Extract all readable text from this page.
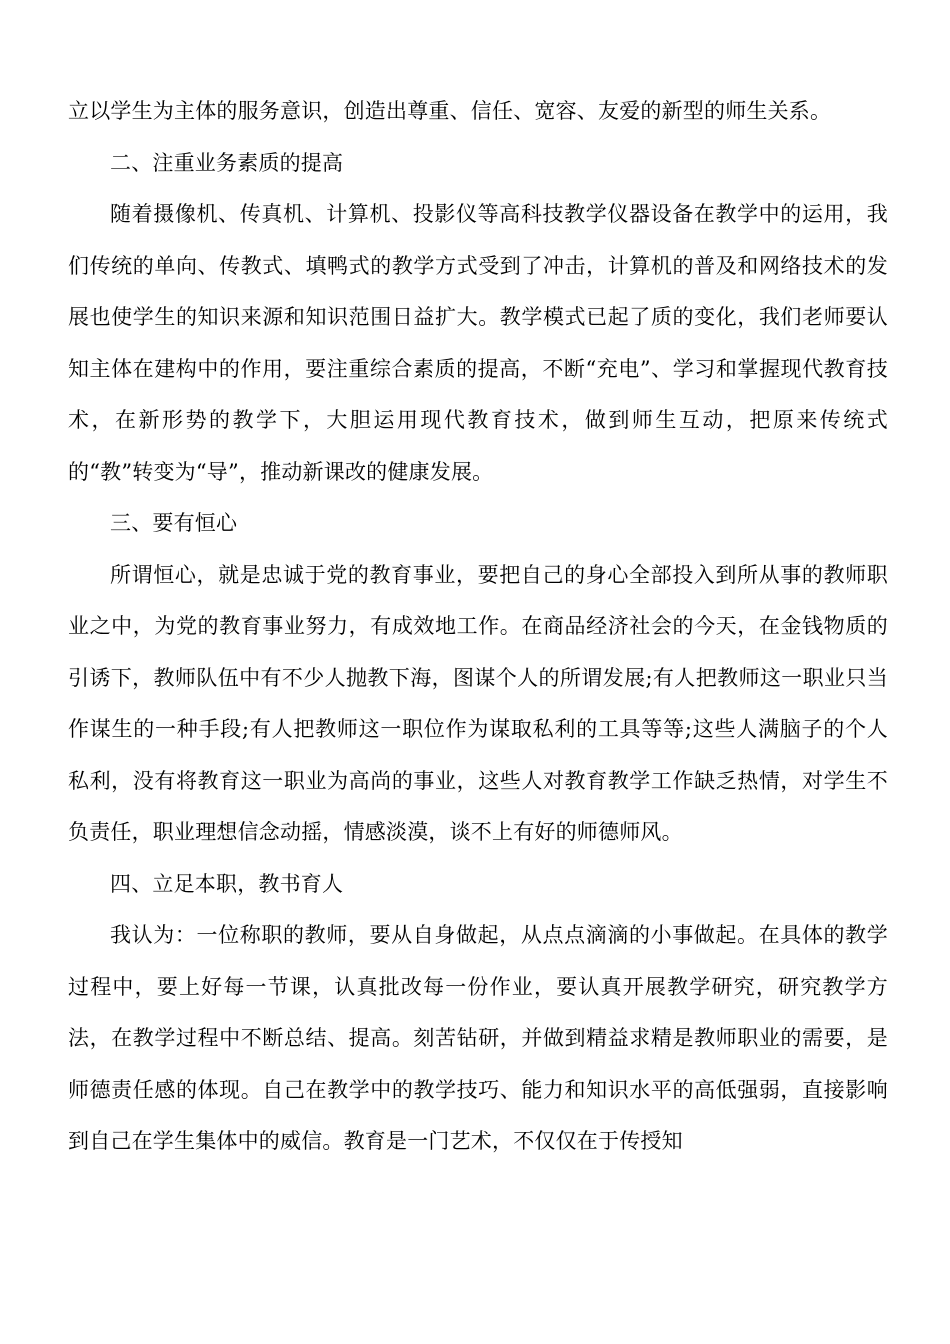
立以学生为主体的服务意识，创造出尊重、信任、宽容、友爱的新型的师生关系。

二、注重业务素质的提高

随着摄像机、传真机、计算机、投影仪等高科技教学仪器设备在教学中的运用，我们传统的单向、传教式、填鸭式的教学方式受到了冲击，计算机的普及和网络技术的发展也使学生的知识来源和知识范围日益扩大。教学模式已起了质的变化，我们老师要认知主体在建构中的作用，要注重综合素质的提高，不断“充电”、学习和掌握现代教育技术，在新形势的教学下，大胆运用现代教育技术，做到师生互动，把原来传统式的“教”转变为“导”，推动新课改的健康发展。

三、要有恒心

所谓恒心，就是忠诚于党的教育事业，要把自己的身心全部投入到所从事的教师职业之中，为党的教育事业努力，有成效地工作。在商品经济社会的今天，在金钱物质的引诱下，教师队伍中有不少人抛教下海，图谋个人的所谓发展;有人把教师这一职业只当作谋生的一种手段;有人把教师这一职位作为谋取私利的工具等等;这些人满脑子的个人私利，没有将教育这一职业为高尚的事业，这些人对教育教学工作缺乏热情，对学生不负责任，职业理想信念动摇，情感淡漠，谈不上有好的师德师风。

四、立足本职，教书育人

我认为：一位称职的教师，要从自身做起，从点点滴滴的小事做起。在具体的教学过程中，要上好每一节课，认真批改每一份作业，要认真开展教学研究，研究教学方法，在教学过程中不断总结、提高。刻苦钻研，并做到精益求精是教师职业的需要，是师德责任感的体现。自己在教学中的教学技巧、能力和知识水平的高低强弱，直接影响到自己在学生集体中的威信。教育是一门艺术，不仅仅在于传授知
